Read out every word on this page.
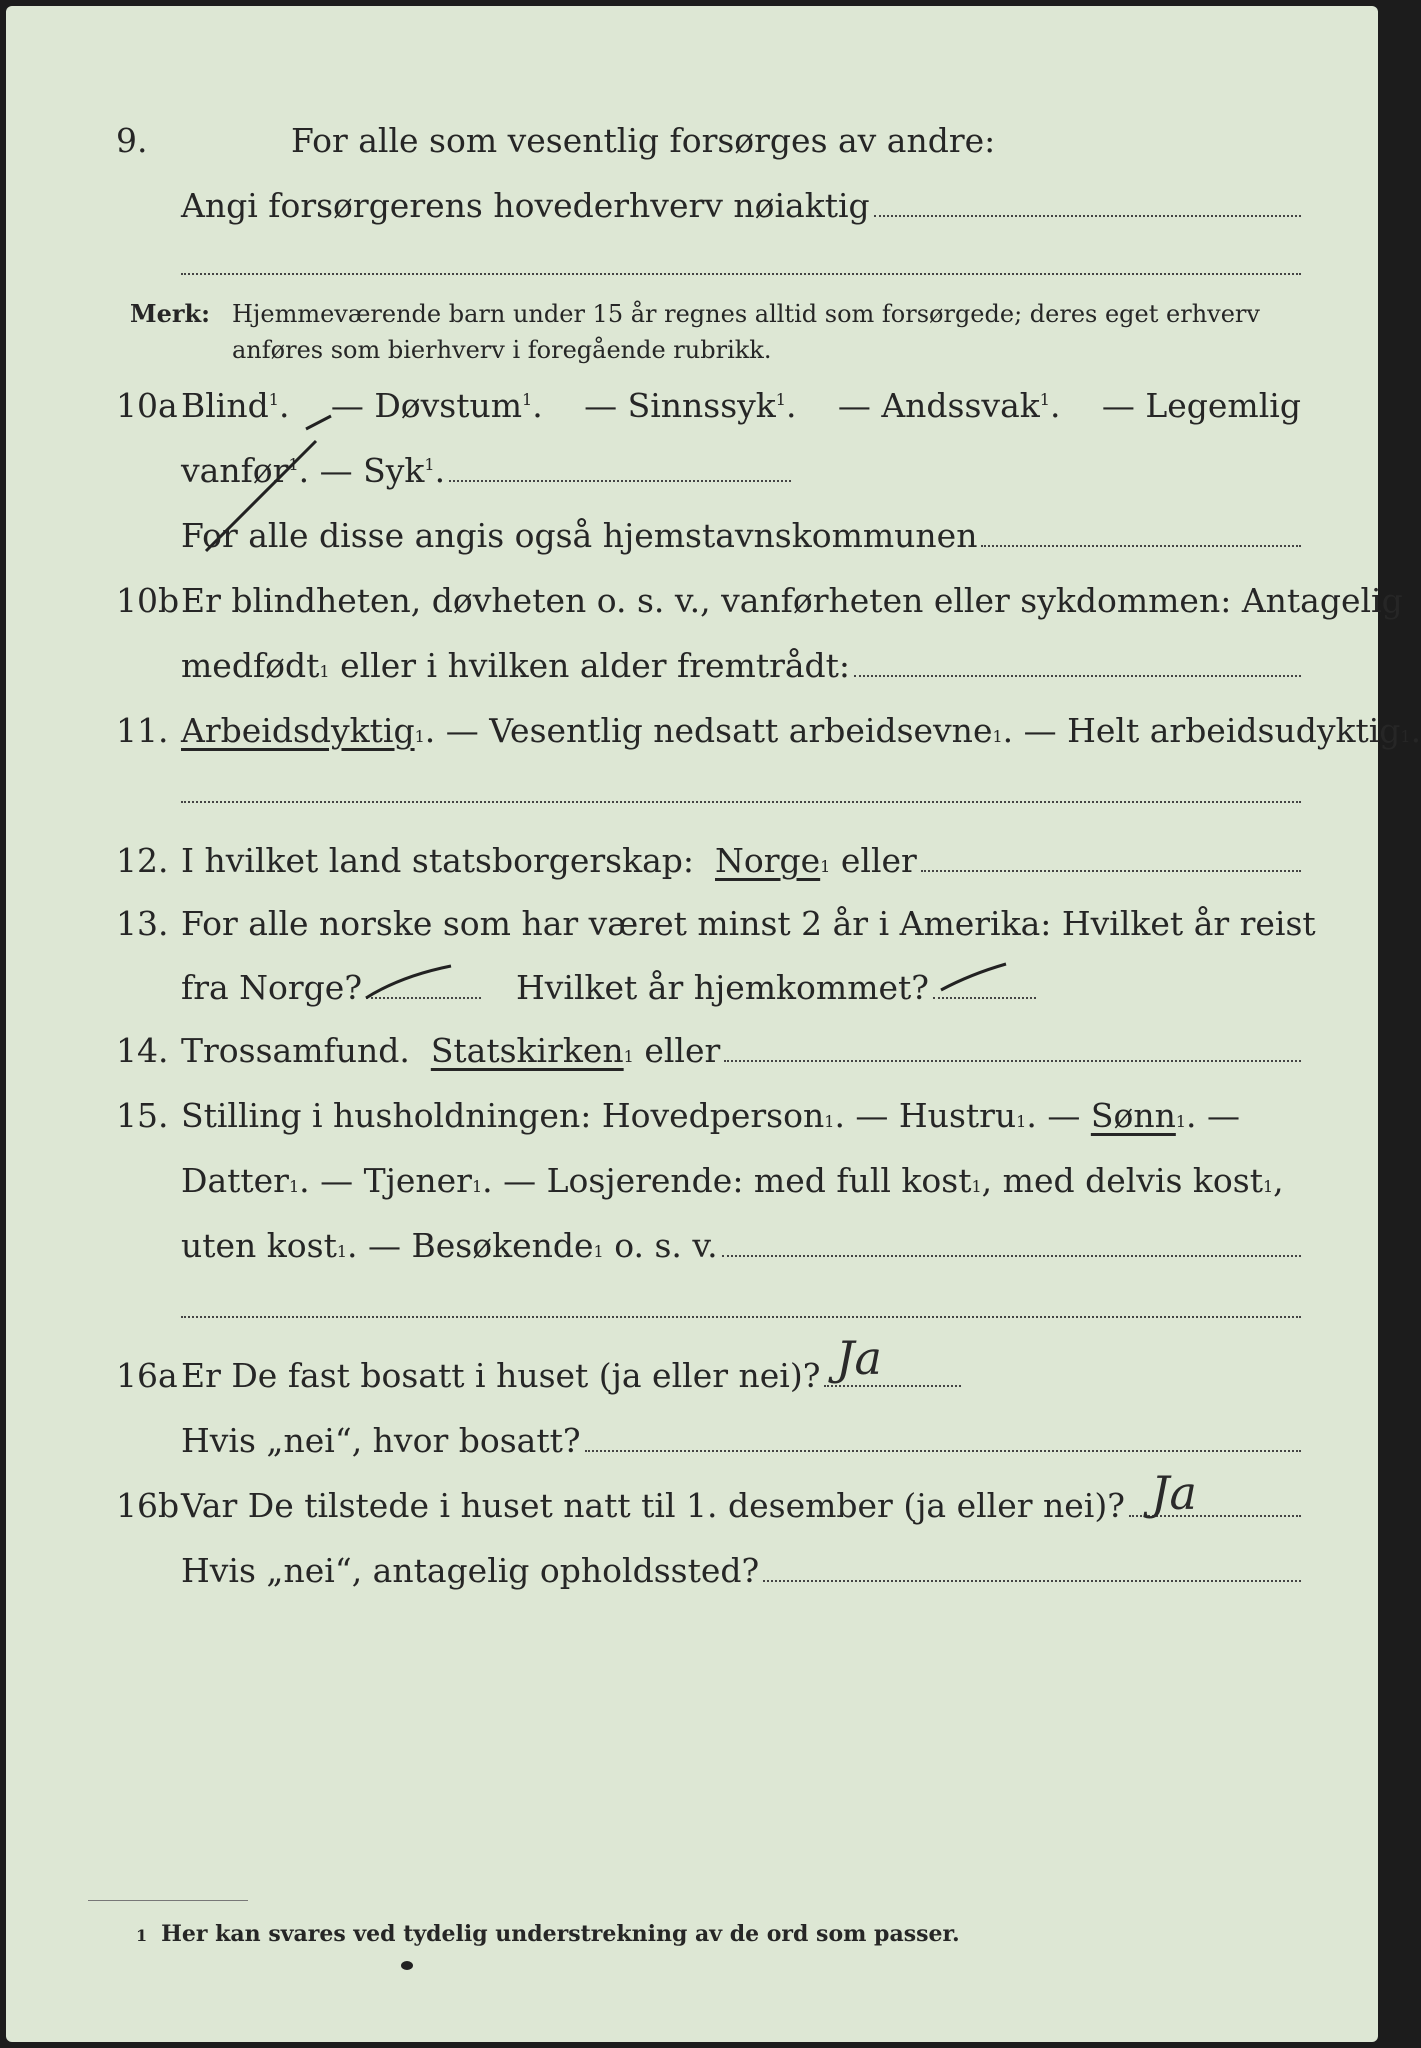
9.	For alle som vesentlig forsørges av andre:
Angi forsørgerens hovederhverv nøiaktig
Merk: Hjemmeværende barn under 15 år regnes alltid som forsørgede; deres eget erhverv
anføres som bierhverv i foregående rubrikk.
10a Blind$^1$. — Døvstum$^1$. — Sinnssyk$^1$. — Andssvak$^1$. — Legemlig
vanfør$^1$.
— Syk$^1$.
For alle disse angis også hjemstavnskommunen
10b Er blindheten, døvheten o. s. v., vanførheten eller sykdommen: Antagelig
medfødt 1
eller i hvilken alder fremtrådt:
11. Arbeidsdyktig 1 . — Vesentlig nedsatt arbeidsevne 1 . — Helt arbeidsudyktig 1 .
12. I hvilket land statsborgerskap:
Norge 1
eller
13. For alle norske som har været minst 2 år i Amerika: Hvilket år reist
fra Norge?	Hvilket år hjemkommet?
14. Trossamfund.
Statskirken 1
eller
15. Stilling i husholdningen: Hovedperson 1 . — Hustru 1 . —
Sønn 1 . —
Datter 1 . — Tjener 1 . — Losjerende: med full kost 1 , med delvis kost 1 ,
uten kost 1 . — Besøkende 1
o. s. v.
16a Er De fast bosatt i huset (ja eller nei)? Ja
Hvis „nei“, hvor bosatt?
16b Var De tilstede i huset natt til 1. desember (ja eller nei)? Ja
Hvis „nei“, antagelig opholdssted?
1 Her kan svares ved tydelig understrekning av de ord som passer.
